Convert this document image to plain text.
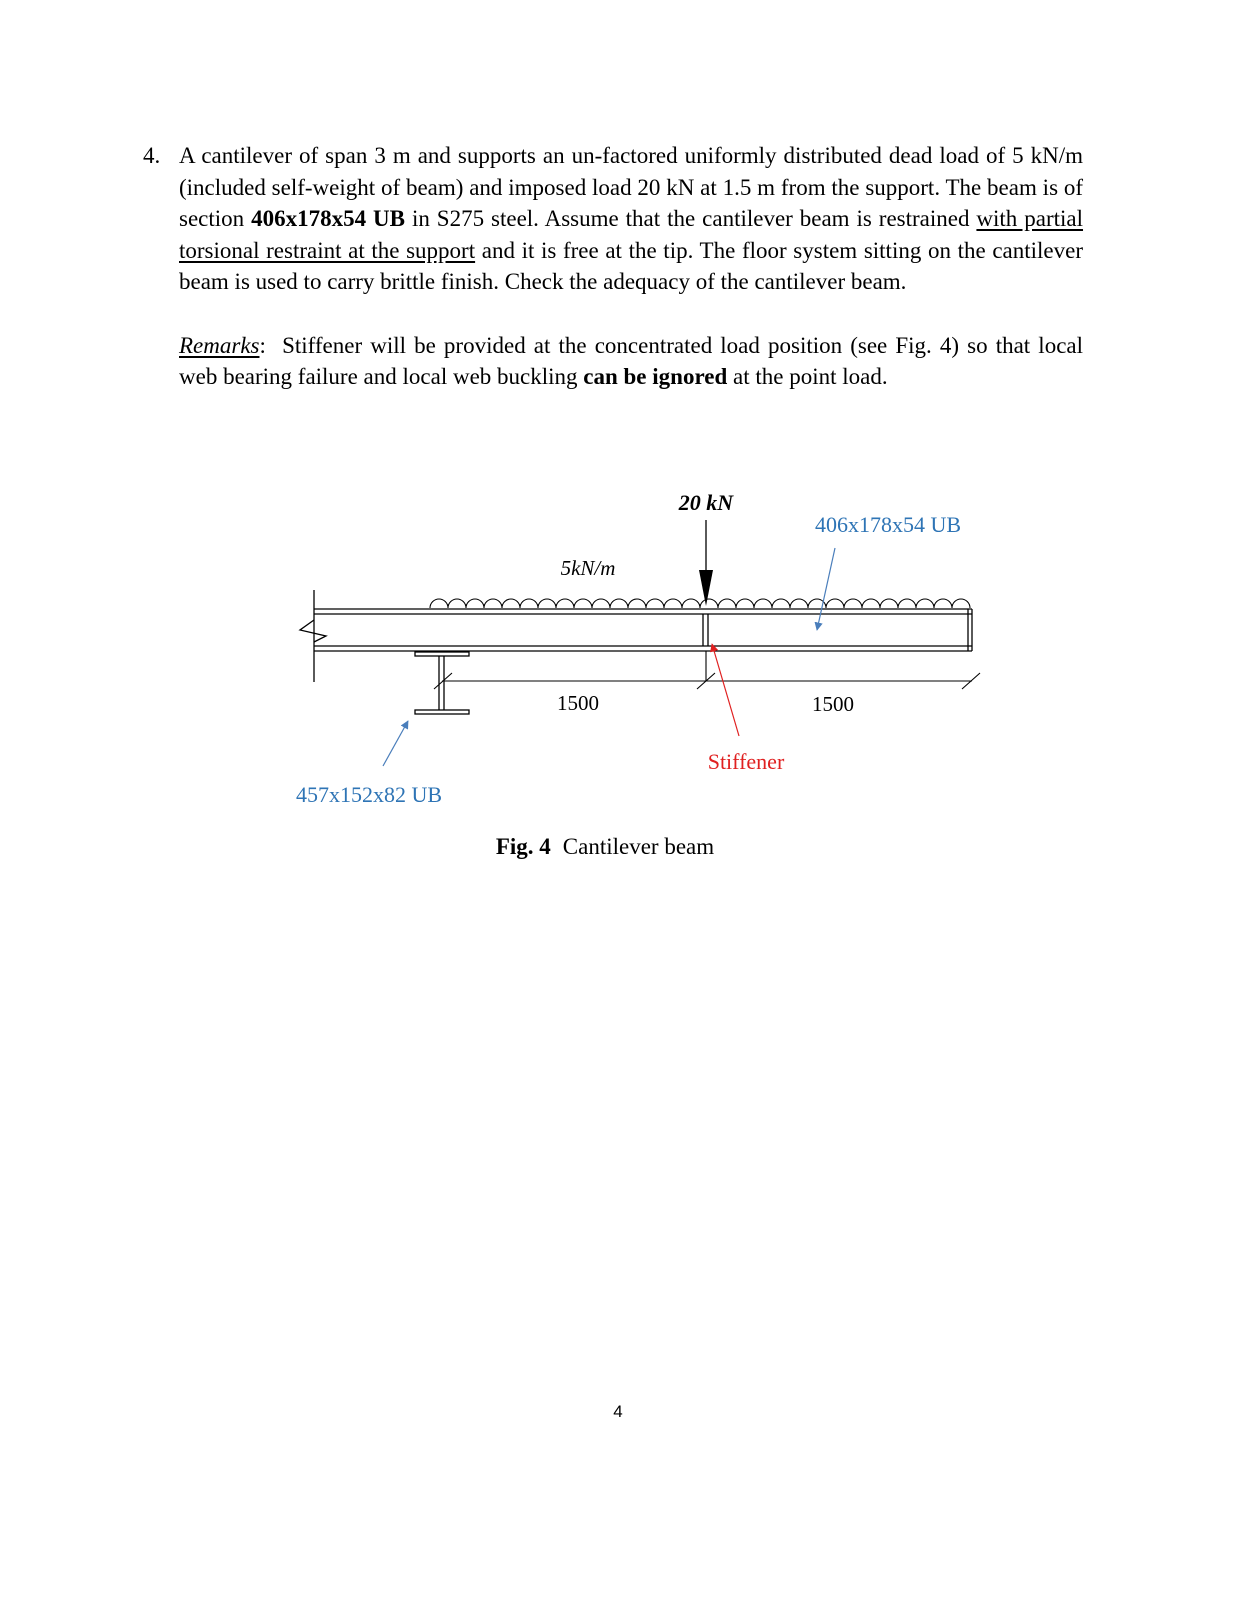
4. A cantilever of span 3 m and supports an un-factored uniformly distributed dead load of 5 kN/m (included self-weight of beam) and imposed load 20 kN at 1.5 m from the support. The beam is of section 406x178x54 UB in S275 steel. Assume that the cantilever beam is restrained with partial torsional restraint at the support and it is free at the tip. The floor system sitting on the cantilever beam is used to carry brittle finish. Check the adequacy of the cantilever beam.
Remarks:  Stiffener will be provided at the concentrated load position (see Fig. 4) so that local web bearing failure and local web buckling can be ignored at the point load.
20 kN
5kN/m
406x178x54 UB
1500	1500
Stiffener
457x152x82 UB
Fig. 4 Cantilever beam
4
